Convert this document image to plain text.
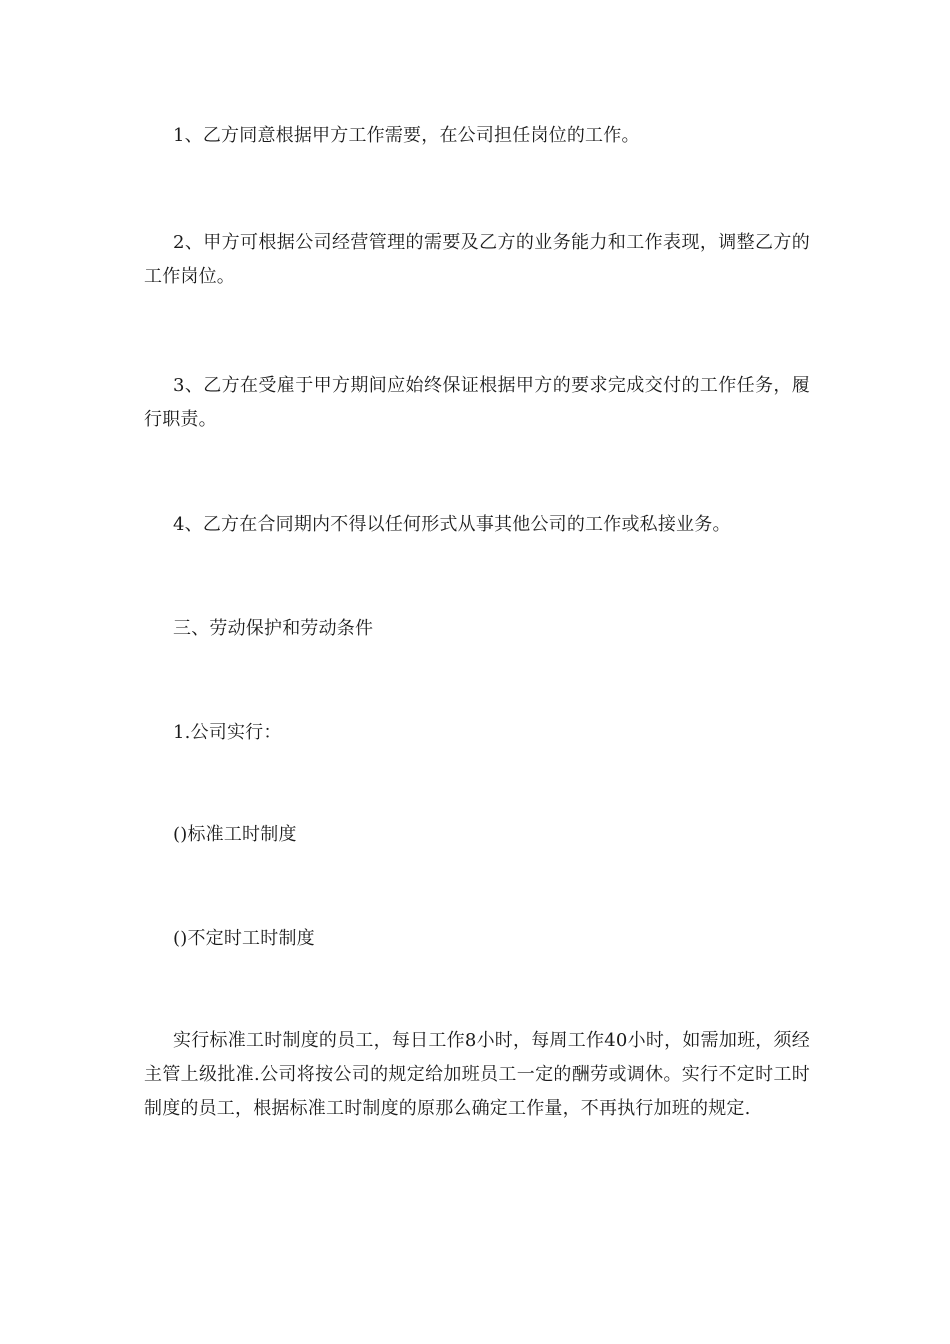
1、乙方同意根据甲方工作需要，在公司担任岗位的工作。

2、甲方可根据公司经营管理的需要及乙方的业务能力和工作表现，调整乙方的工作岗位。

3、乙方在受雇于甲方期间应始终保证根据甲方的要求完成交付的工作任务，履行职责。

4、乙方在合同期内不得以任何形式从事其他公司的工作或私接业务。

三、劳动保护和劳动条件

1.公司实行：

()标准工时制度

()不定时工时制度

实行标准工时制度的员工，每日工作8小时，每周工作40小时，如需加班，须经主管上级批准.公司将按公司的规定给加班员工一定的酬劳或调休。实行不定时工时制度的员工，根据标准工时制度的原那么确定工作量，不再执行加班的规定.
